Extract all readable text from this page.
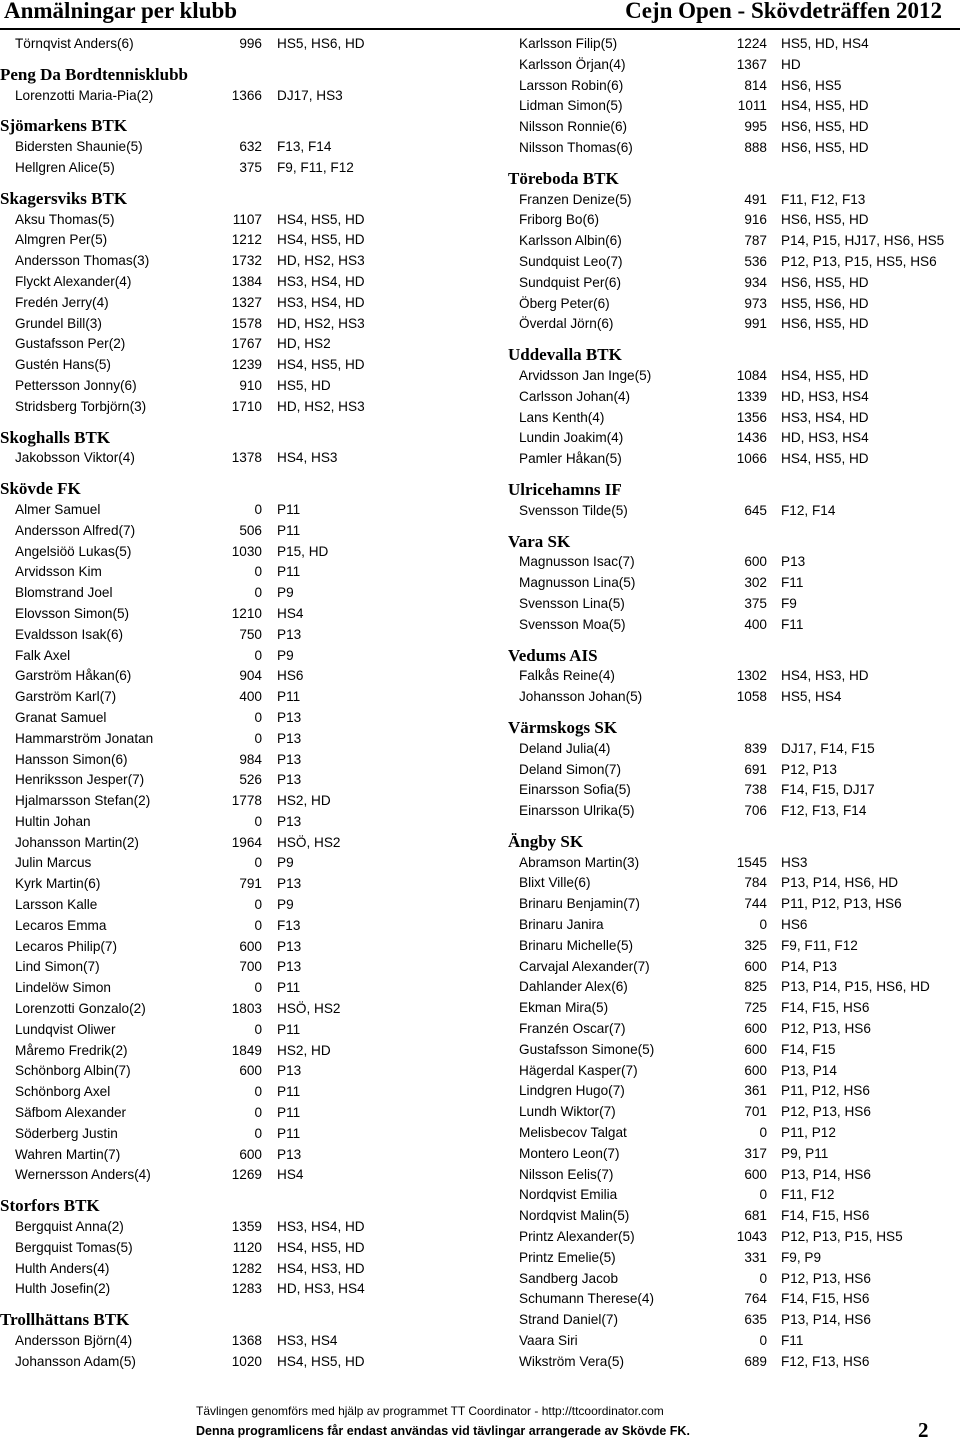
Anmälningar per klubb	Cejn Open - Skövdeträffen 2012
Törnqvist Anders(6)	996 HS5, HS6, HD
Peng Da Bordtennisklubb
Lorenzotti Maria-Pia(2)	1366 DJ17, HS3
Sjömarkens BTK
Bidersten Shaunie(5)	632 F13, F14
Hellgren Alice(5)	375 F9, F11, F12
Skagersviks BTK
Aksu Thomas(5)	1107 HS4, HS5, HD
Almgren Per(5)	1212 HS4, HS5, HD
Andersson Thomas(3)	1732 HD, HS2, HS3
Flyckt Alexander(4)	1384 HS3, HS4, HD
Fredén Jerry(4)	1327 HS3, HS4, HD
Grundel Bill(3)	1578 HD, HS2, HS3
Gustafsson Per(2)	1767 HD, HS2
Gustén Hans(5)	1239 HS4, HS5, HD
Pettersson Jonny(6)	910 HS5, HD
Stridsberg Torbjörn(3)	1710 HD, HS2, HS3
Skoghalls BTK
Jakobsson Viktor(4)	1378 HS4, HS3
Skövde FK
Almer Samuel	0 P11
Andersson Alfred(7)	506 P11
Angelsiöö Lukas(5)	1030 P15, HD
Arvidsson Kim	0 P11
Blomstrand Joel	0 P9
Elovsson Simon(5)	1210 HS4
Evaldsson Isak(6)	750 P13
Falk Axel	0 P9
Garström Håkan(6)	904 HS6
Garström Karl(7)	400 P11
Granat Samuel	0 P13
Hammarström Jonatan	0 P13
Hansson Simon(6)	984 P13
Henriksson Jesper(7)	526 P13
Hjalmarsson Stefan(2)	1778 HS2, HD
Hultin Johan	0 P13
Johansson Martin(2)	1964 HSÖ, HS2
Julin Marcus	0 P9
Kyrk Martin(6)	791 P13
Larsson Kalle	0 P9
Lecaros Emma	0 F13
Lecaros Philip(7)	600 P13
Lind Simon(7)	700 P13
Lindelöw Simon	0 P11
Lorenzotti Gonzalo(2)	1803 HSÖ, HS2
Lundqvist Oliwer	0 P11
Måremo Fredrik(2)	1849 HS2, HD
Schönborg Albin(7)	600 P13
Schönborg Axel	0 P11
Säfbom Alexander	0 P11
Söderberg Justin	0 P11
Wahren Martin(7)	600 P13
Wernersson Anders(4)	1269 HS4
Storfors BTK
Bergquist Anna(2)	1359 HS3, HS4, HD
Bergquist Tomas(5)	1120 HS4, HS5, HD
Hulth Anders(4)	1282 HS4, HS3, HD
Hulth Josefin(2)	1283 HD, HS3, HS4
Trollhättans BTK
Andersson Björn(4)	1368 HS3, HS4
Johansson Adam(5)	1020 HS4, HS5, HD
Karlsson Filip(5)	1224 HS5, HD, HS4
Karlsson Örjan(4)	1367 HD
Larsson Robin(6)	814 HS6, HS5
Lidman Simon(5)	1011 HS4, HS5, HD
Nilsson Ronnie(6)	995 HS6, HS5, HD
Nilsson Thomas(6)	888 HS6, HS5, HD
Töreboda BTK
Franzen Denize(5)	491 F11, F12, F13
Friborg Bo(6)	916 HS6, HS5, HD
Karlsson Albin(6)	787 P14, P15, HJ17, HS6, HS5
Sundquist Leo(7)	536 P12, P13, P15, HS5, HS6
Sundquist Per(6)	934 HS6, HS5, HD
Öberg Peter(6)	973 HS5, HS6, HD
Överdal Jörn(6)	991 HS6, HS5, HD
Uddevalla BTK
Arvidsson Jan Inge(5)	1084 HS4, HS5, HD
Carlsson Johan(4)	1339 HD, HS3, HS4
Lans Kenth(4)	1356 HS3, HS4, HD
Lundin Joakim(4)	1436 HD, HS3, HS4
Pamler Håkan(5)	1066 HS4, HS5, HD
Ulricehamns IF
Svensson Tilde(5)	645 F12, F14
Vara SK
Magnusson Isac(7)	600 P13
Magnusson Lina(5)	302 F11
Svensson Lina(5)	375 F9
Svensson Moa(5)	400 F11
Vedums AIS
Falkås Reine(4)	1302 HS4, HS3, HD
Johansson Johan(5)	1058 HS5, HS4
Värmskogs SK
Deland Julia(4)	839 DJ17, F14, F15
Deland Simon(7)	691 P12, P13
Einarsson Sofia(5)	738 F14, F15, DJ17
Einarsson Ulrika(5)	706 F12, F13, F14
Ängby SK
Abramson Martin(3)	1545 HS3
Blixt Ville(6)	784 P13, P14, HS6, HD
Brinaru Benjamin(7)	744 P11, P12, P13, HS6
Brinaru Janira	0 HS6
Brinaru Michelle(5)	325 F9, F11, F12
Carvajal Alexander(7)	600 P14, P13
Dahlander Alex(6)	825 P13, P14, P15, HS6, HD
Ekman Mira(5)	725 F14, F15, HS6
Franzén Oscar(7)	600 P12, P13, HS6
Gustafsson Simone(5)	600 F14, F15
Hägerdal Kasper(7)	600 P13, P14
Lindgren Hugo(7)	361 P11, P12, HS6
Lundh Wiktor(7)	701 P12, P13, HS6
Melisbecov Talgat	0 P11, P12
Montero Leon(7)	317 P9, P11
Nilsson Eelis(7)	600 P13, P14, HS6
Nordqvist Emilia	0 F11, F12
Nordqvist Malin(5)	681 F14, F15, HS6
Printz Alexander(5)	1043 P12, P13, P15, HS5
Printz Emelie(5)	331 F9, P9
Sandberg Jacob	0 P12, P13, HS6
Schumann Therese(4)	764 F14, F15, HS6
Strand Daniel(7)	635 P13, P14, HS6
Vaara Siri	0 F11
Wikström Vera(5)	689 F12, F13, HS6
Tävlingen genomförs med hjälp av programmet TT Coordinator - http://ttcoordinator.com
Denna programlicens får endast användas vid tävlingar arrangerade av Skövde FK.	2
